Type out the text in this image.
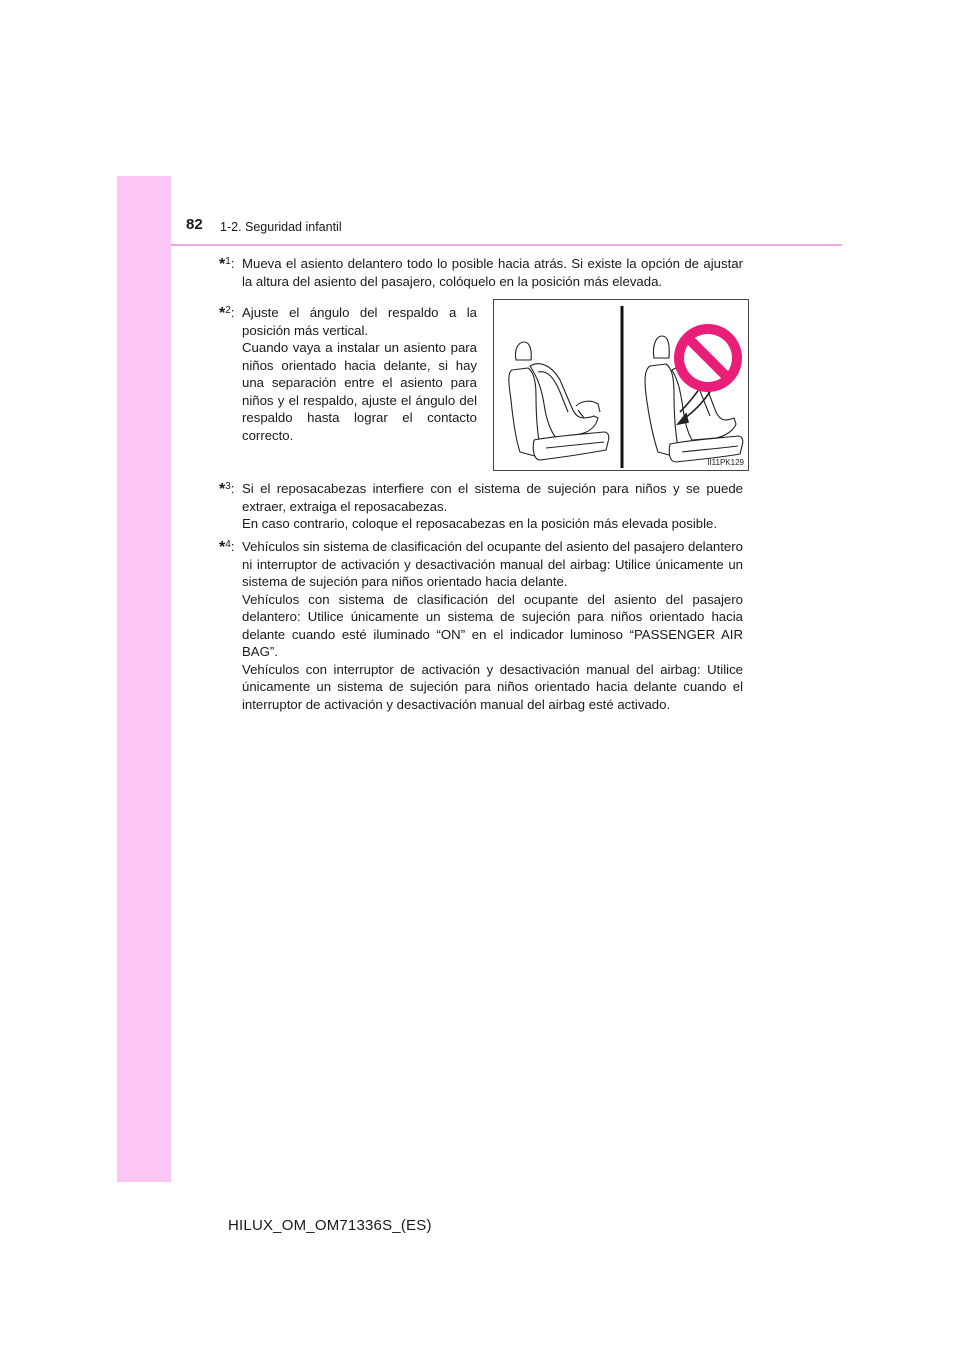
82 1-2. Seguridad infantil
*$^1$: Mueva el asiento delantero todo lo posible hacia atrás. Si existe la opción de ajustar la altura del asiento del pasajero, colóquelo en la posición más elevada.

*$^2$: Ajuste el ángulo del respaldo a la posición más vertical.

Cuando vaya a instalar un asiento para niños orientado hacia delante, si hay una separación entre el asiento para niños y el respaldo, ajuste el ángulo del respaldo hasta lograr el contacto correcto.

II11PK129
*$^3$: Si el reposacabezas interfiere con el sistema de sujeción para niños y se puede extraer, extraiga el reposacabezas.

En caso contrario, coloque el reposacabezas en la posición más elevada posible.

*$^4$: Vehículos sin sistema de clasificación del ocupante del asiento del pasajero delantero ni interruptor de activación y desactivación manual del airbag: Utilice únicamente un sistema de sujeción para niños orientado hacia delante.

Vehículos con sistema de clasificación del ocupante del asiento del pasajero delantero: Utilice únicamente un sistema de sujeción para niños orientado hacia delante cuando esté iluminado “ON” en el indicador luminoso “PASSENGER AIR BAG”.

Vehículos con interruptor de activación y desactivación manual del airbag: Utilice únicamente un sistema de sujeción para niños orientado hacia delante cuando el interruptor de activación y desactivación manual del airbag esté activado.

HILUX_OM_OM71336S_(ES)
